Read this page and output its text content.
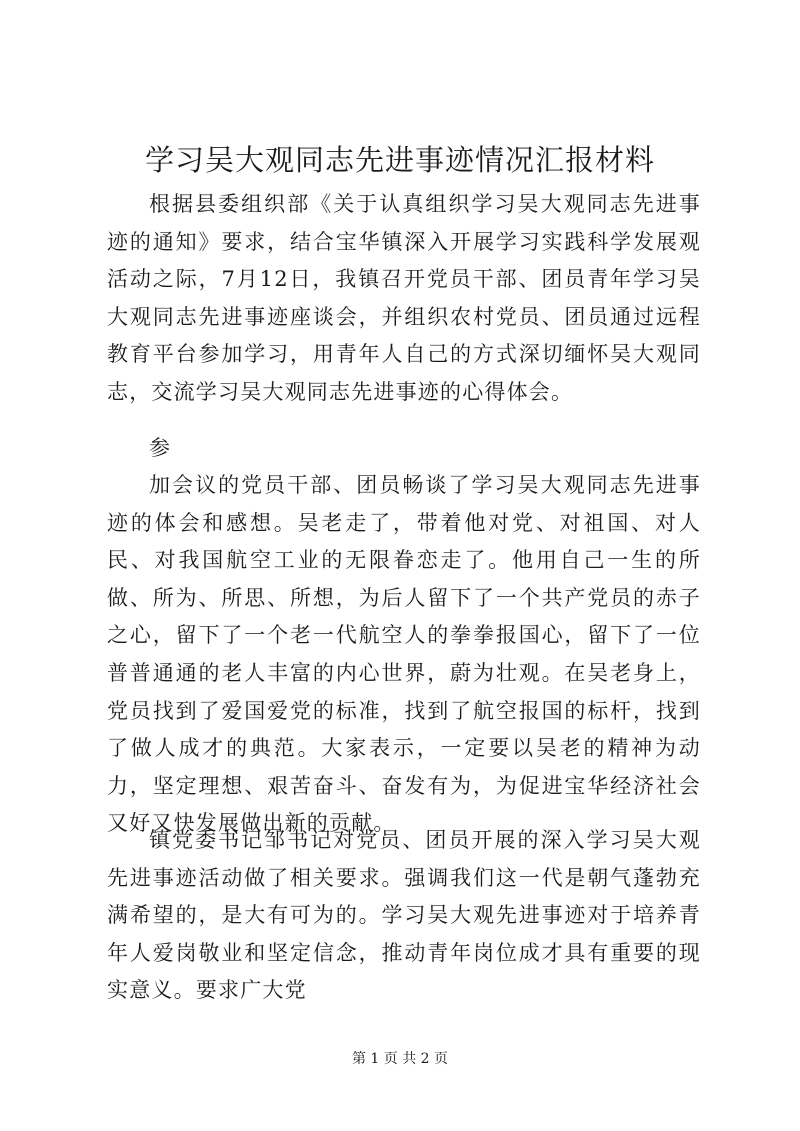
学习吴大观同志先进事迹情况汇报材料

根据县委组织部《关于认真组织学习吴大观同志先进事迹的通知》要求，结合宝华镇深入开展学习实践科学发展观活动之际，7月12日，我镇召开党员干部、团员青年学习吴大观同志先进事迹座谈会，并组织农村党员、团员通过远程教育平台参加学习，用青年人自己的方式深切缅怀吴大观同志，交流学习吴大观同志先进事迹的心得体会。

参

加会议的党员干部、团员畅谈了学习吴大观同志先进事迹的体会和感想。吴老走了，带着他对党、对祖国、对人民、对我国航空工业的无限眷恋走了。他用自己一生的所做、所为、所思、所想，为后人留下了一个共产党员的赤子之心，留下了一个老一代航空人的拳拳报国心，留下了一位普普通通的老人丰富的内心世界，蔚为壮观。在吴老身上，党员找到了爱国爱党的标准，找到了航空报国的标杆，找到了做人成才的典范。大家表示，一定要以吴老的精神为动力，坚定理想、艰苦奋斗、奋发有为，为促进宝华经济社会又好又快发展做出新的贡献。

镇党委书记邹书记对党员、团员开展的深入学习吴大观先进事迹活动做了相关要求。强调我们这一代是朝气蓬勃充满希望的，是大有可为的。学习吴大观先进事迹对于培养青年人爱岗敬业和坚定信念，推动青年岗位成才具有重要的现实意义。要求广大党

第 1 页 共 2 页
